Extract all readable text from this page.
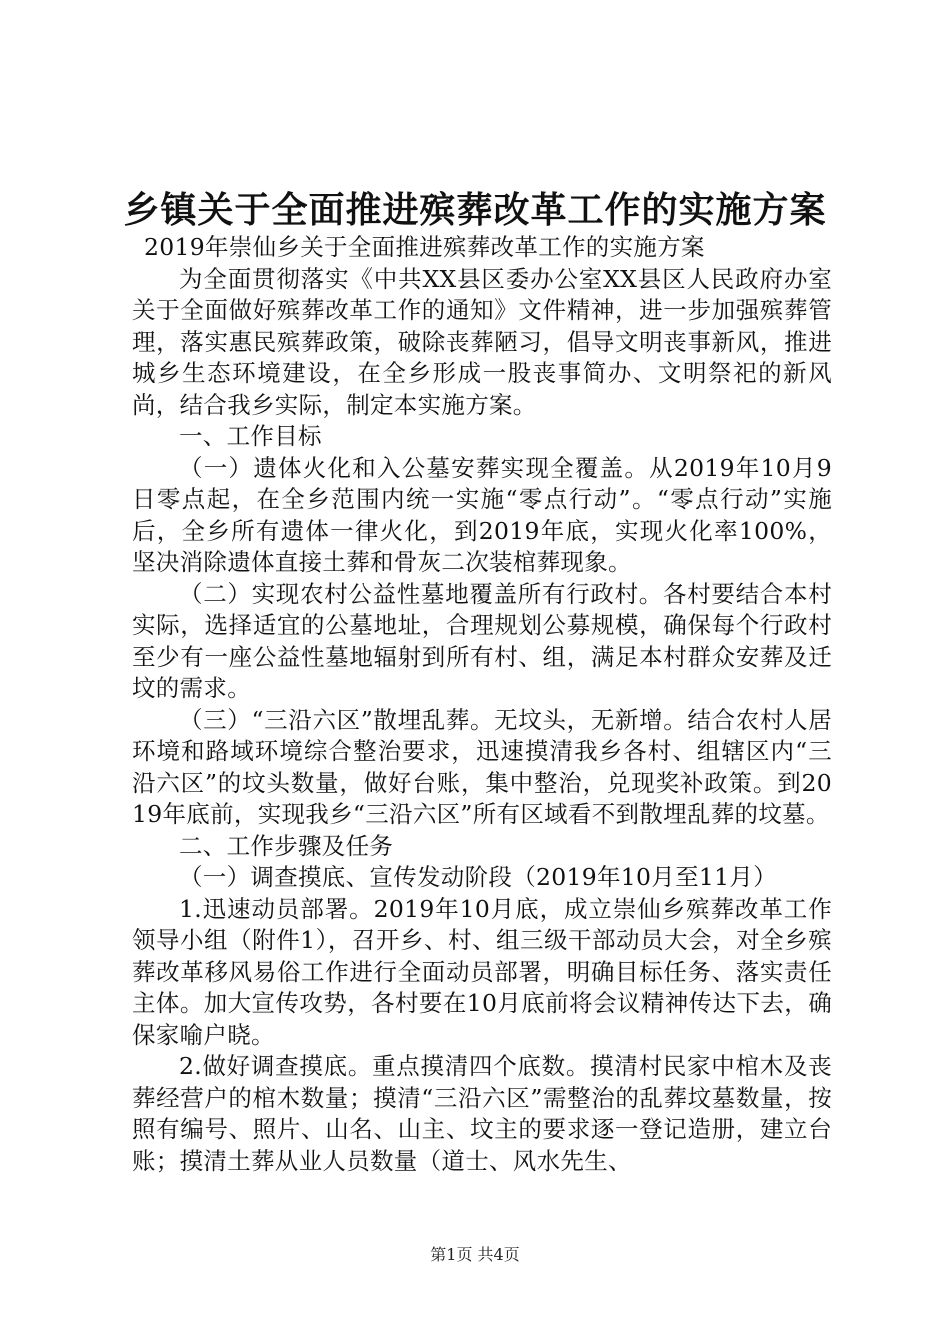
乡镇关于全面推进殡葬改革工作的实施方案

2019年崇仙乡关于全面推进殡葬改革工作的实施方案

为全面贯彻落实《中共XX县区委办公室XX县区人民政府办室关于全面做好殡葬改革工作的通知》文件精神，进一步加强殡葬管理，落实惠民殡葬政策，破除丧葬陋习，倡导文明丧事新风，推进城乡生态环境建设，在全乡形成一股丧事简办、文明祭祀的新风尚，结合我乡实际，制定本实施方案。

一、工作目标

（一）遗体火化和入公墓安葬实现全覆盖。从2019年10月9日零点起，在全乡范围内统一实施“零点行动”。“零点行动”实施后，全乡所有遗体一律火化，到2019年底，实现火化率100%，坚决消除遗体直接土葬和骨灰二次装棺葬现象。

（二）实现农村公益性墓地覆盖所有行政村。各村要结合本村实际，选择适宜的公墓地址，合理规划公募规模，确保每个行政村至少有一座公益性墓地辐射到所有村、组，满足本村群众安葬及迁坟的需求。

（三）“三沿六区”散埋乱葬。无坟头，无新增。结合农村人居环境和路域环境综合整治要求，迅速摸清我乡各村、组辖区内“三沿六区”的坟头数量，做好台账，集中整治，兑现奖补政策。到2019年底前，实现我乡“三沿六区”所有区域看不到散埋乱葬的坟墓。

二、工作步骤及任务

（一）调查摸底、宣传发动阶段（2019年10月至11月）

1.迅速动员部署。2019年10月底，成立崇仙乡殡葬改革工作领导小组（附件1），召开乡、村、组三级干部动员大会，对全乡殡葬改革移风易俗工作进行全面动员部署，明确目标任务、落实责任主体。加大宣传攻势，各村要在10月底前将会议精神传达下去，确保家喻户晓。

2.做好调查摸底。重点摸清四个底数。摸清村民家中棺木及丧葬经营户的棺木数量；摸清“三沿六区”需整治的乱葬坟墓数量，按照有编号、照片、山名、山主、坟主的要求逐一登记造册，建立台账；摸清土葬从业人员数量（道士、风水先生、

第1页 共4页
